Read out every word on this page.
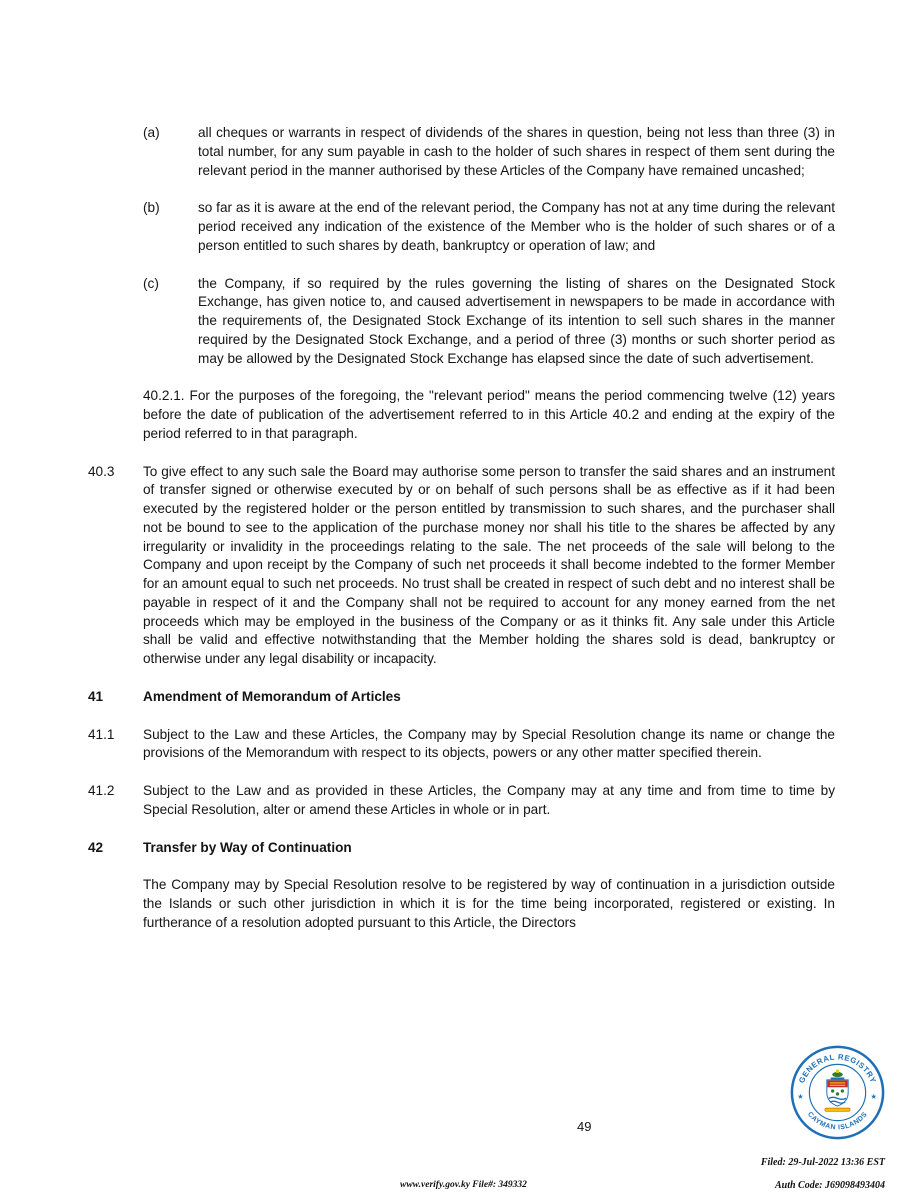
(a)	all cheques or warrants in respect of dividends of the shares in question, being not less than three (3) in total number, for any sum payable in cash to the holder of such shares in respect of them sent during the relevant period in the manner authorised by these Articles of the Company have remained uncashed;

(b)	so far as it is aware at the end of the relevant period, the Company has not at any time during the relevant period received any indication of the existence of the Member who is the holder of such shares or of a person entitled to such shares by death, bankruptcy or operation of law; and

(c)	the Company, if so required by the rules governing the listing of shares on the Designated Stock Exchange, has given notice to, and caused advertisement in newspapers to be made in accordance with the requirements of, the Designated Stock Exchange of its intention to sell such shares in the manner required by the Designated Stock Exchange, and a period of three (3) months or such shorter period as may be allowed by the Designated Stock Exchange has elapsed since the date of such advertisement.

40.2.1. For the purposes of the foregoing, the "relevant period" means the period commencing twelve (12) years before the date of publication of the advertisement referred to in this Article 40.2 and ending at the expiry of the period referred to in that paragraph.
40.3	To give effect to any such sale the Board may authorise some person to transfer the said shares and an instrument of transfer signed or otherwise executed by or on behalf of such persons shall be as effective as if it had been executed by the registered holder or the person entitled by transmission to such shares, and the purchaser shall not be bound to see to the application of the purchase money nor shall his title to the shares be affected by any irregularity or invalidity in the proceedings relating to the sale. The net proceeds of the sale will belong to the Company and upon receipt by the Company of such net proceeds it shall become indebted to the former Member for an amount equal to such net proceeds. No trust shall be created in respect of such debt and no interest shall be payable in respect of it and the Company shall not be required to account for any money earned from the net proceeds which may be employed in the business of the Company or as it thinks fit. Any sale under this Article shall be valid and effective notwithstanding that the Member holding the shares sold is dead, bankruptcy or otherwise under any legal disability or incapacity.

41	Amendment of Memorandum of Articles
41.1	Subject to the Law and these Articles, the Company may by Special Resolution change its name or change the provisions of the Memorandum with respect to its objects, powers or any other matter specified therein.

41.2	Subject to the Law and as provided in these Articles, the Company may at any time and from time to time by Special Resolution, alter or amend these Articles in whole or in part.

42	Transfer by Way of Continuation
The Company may by Special Resolution resolve to be registered by way of continuation in a jurisdiction outside the Islands or such other jurisdiction in which it is for the time being incorporated, registered or existing. In furtherance of a resolution adopted pursuant to this Article, the Directors
49
www.verify.gov.ky File#: 349332
Filed: 29-Jul-2022 13:36 EST
Auth Code: J69098493404
GENERAL REGISTRY
CAYMAN ISLANDS
★	★
